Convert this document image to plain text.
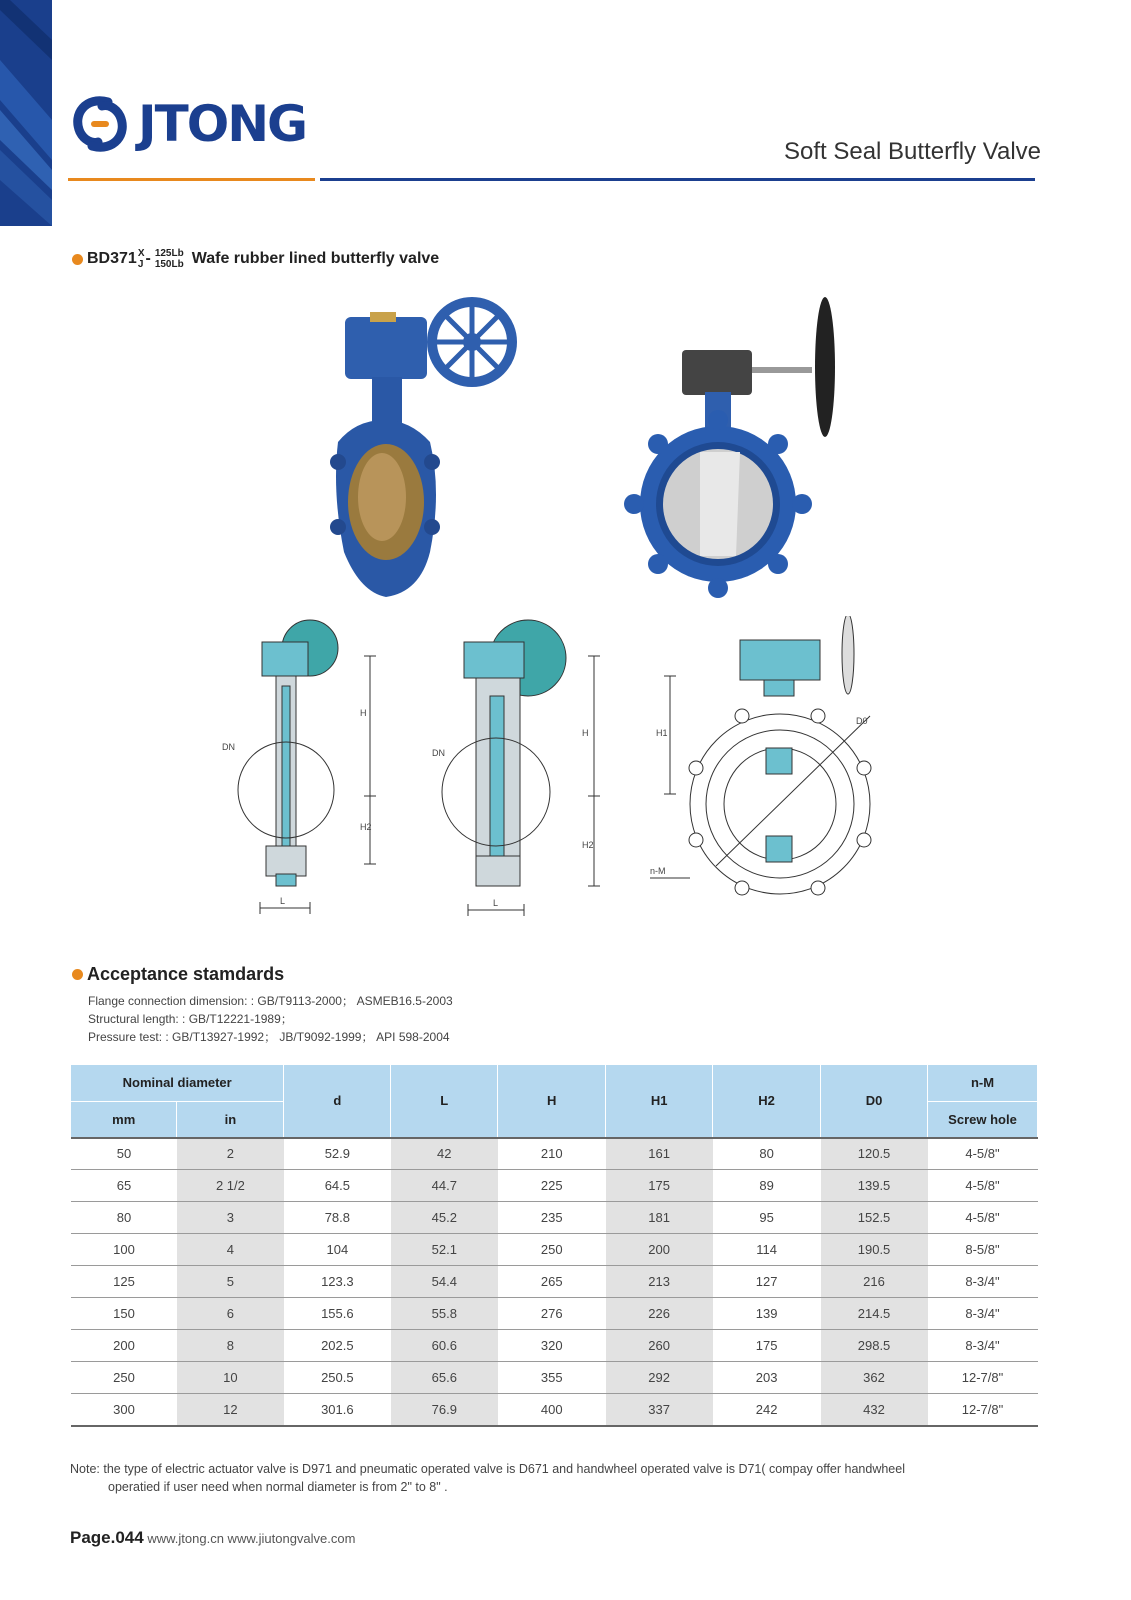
JTONG	Soft Seal Butterfly Valve
BD371 X
J - 125Lb
150Lb Wafe rubber lined butterfly valve
DN
H
H2
L
DN
H
H2
L
H1
D0
n-M
Acceptance stamdards
Flange connection dimension: : GB/T9113-2000； ASMEB16.5-2003
Structural length: : GB/T12221-1989；
Pressure test: : GB/T13927-1992； JB/T9092-1999； API 598-2004
Nominal diameter		d	L	H	H1	H2	D0	n-M
mm	in							Screw hole
50	2	52.9	42	210	161	80	120.5	4-5/8"
65	2 1/2	64.5	44.7	225	175	89	139.5	4-5/8"
80	3	78.8	45.2	235	181	95	152.5	4-5/8"
100	4	104	52.1	250	200	114	190.5	8-5/8"
125	5	123.3	54.4	265	213	127	216	8-3/4"
150	6	155.6	55.8	276	226	139	214.5	8-3/4"
200	8	202.5	60.6	320	260	175	298.5	8-3/4"
250	10	250.5	65.6	355	292	203	362	12-7/8"
300	12	301.6	76.9	400	337	242	432	12-7/8"
Note: the type of electric actuator valve is D971 and pneumatic operated valve is D671 and handwheel operated valve is D71( compay offer handwheel
operatied if user need when normal diameter is from 2" to 8" .
Page.044 www.jtong.cn www.jiutongvalve.com
